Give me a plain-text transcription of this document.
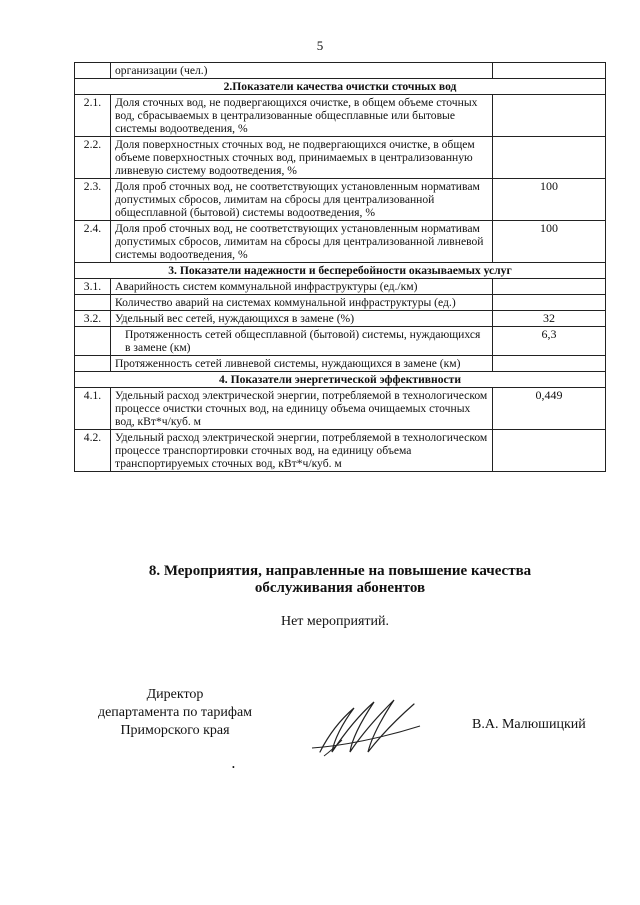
5
	организации (чел.)	
2.Показатели качества очистки сточных вод		
2.1.	Доля сточных вод, не подвергающихся очистке, в общем объеме сточных вод, сбрасываемых в централизованные общесплавные или бытовые системы водоотведения, %	
2.2.	Доля поверхностных сточных вод, не подвергающихся очистке, в общем объеме поверхностных сточных вод, принимаемых в централизованную ливневую систему водоотведения, %	
2.3.	Доля проб сточных вод, не соответствующих установленным нормативам допустимых сбросов, лимитам на сбросы для централизованной общесплавной (бытовой) системы водоотведения, %	100
2.4.	Доля проб сточных вод, не соответствующих установленным нормативам допустимых сбросов, лимитам на сбросы для централизованной ливневой системы водоотведения, %	100
3. Показатели надежности и бесперебойности оказываемых услуг		
3.1.	Аварийность систем коммунальной инфраструктуры (ед./км)	
	Количество аварий на системах коммунальной инфраструктуры (ед.)	
3.2.	Удельный вес сетей, нуждающихся в замене (%)	32
	Протяженность сетей общесплавной (бытовой) системы, нуждающихся в замене (км)	6,3
	Протяженность сетей ливневой системы, нуждающихся в замене (км)	
4. Показатели энергетической эффективности		
4.1.	Удельный расход электрической энергии, потребляемой в технологическом процессе очистки сточных вод, на единицу объема очищаемых сточных вод, кВт*ч/куб. м	0,449
4.2.	Удельный расход электрической энергии, потребляемой в технологическом процессе транспортировки сточных вод, на единицу объема транспортируемых сточных вод, кВт*ч/куб. м	
8. Мероприятия, направленные на повышение качества
обслуживания абонентов
Нет мероприятий.
Директор
департамента по тарифам
Приморского края	В.А. Малюшицкий
•
